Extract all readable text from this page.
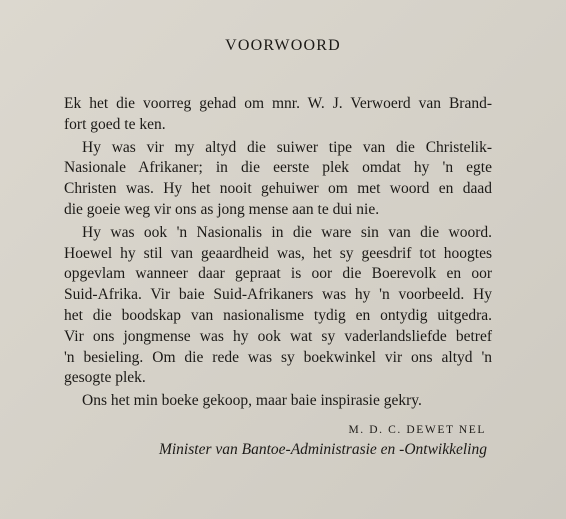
VOORWOORD
Ek het die voorreg gehad om mnr. W. J. Verwoerd van Brand-
fort goed te ken.
Hy was vir my altyd die suiwer tipe van die Christelik-
Nasionale Afrikaner; in die eerste plek omdat hy 'n egte
Christen was. Hy het nooit gehuiwer om met woord en daad
die goeie weg vir ons as jong mense aan te dui nie.
Hy was ook 'n Nasionalis in die ware sin van die woord.
Hoewel hy stil van geaardheid was, het sy geesdrif tot hoogtes
opgevlam wanneer daar gepraat is oor die Boerevolk en oor
Suid-Afrika. Vir baie Suid-Afrikaners was hy 'n voorbeeld. Hy
het die boodskap van nasionalisme tydig en ontydig uitgedra.
Vir ons jongmense was hy ook wat sy vaderlandsliefde betref
'n besieling. Om die rede was sy boekwinkel vir ons altyd 'n
gesogte plek.
Ons het min boeke gekoop, maar baie inspirasie gekry.

M. D. C. DEWET NEL

Minister van Bantoe-Administrasie en -Ontwikkeling
